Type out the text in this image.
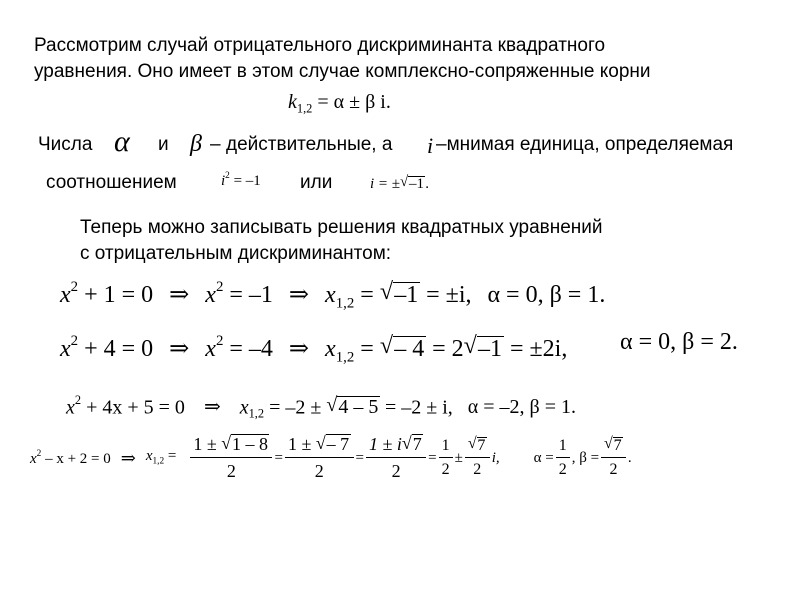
Рассмотрим случай отрицательного дискриминанта квадратного
уравнения. Оно имеет в этом случае комплексно-сопряженные корни
$k_{1,2} = \alpha \pm \beta$ i.
Числа α и β – действительные, а i –мнимая единица, определяемая
соотношением	$i^2 = -1$ или	i = ± √ –1.
Теперь можно записывать решения квадратных уравнений
с отрицательным дискриминантом:
$x^2 + 1 = 0$ ⇒ $x^2 = -1$ ⇒ $x_{1,2}$ = √ –1 = ±i, α = 0, β = 1.
$x^2 + 4 = 0$ ⇒ $x^2 = -4$ ⇒ $x_{1,2}$ = √ – 4 = 2 √ –1 = ±2i, α = 0, β = 2.
$x^2 + 4x + 5 = 0$ ⇒ $x_{1,2} = -2$ ± √ 4 – 5 = –2 ± i, α = –2, β = 1.
$x^2 - x + 2 = 0$ ⇒ $x_{1,2} = \frac{1 \pm √ 1 - 8}{2} = \frac{1 \pm √ - 7}{2} = \frac{1 \pm i √ 7}{2} = \frac{1}{2}$ ± √ $\frac{7}{2} i$, $\alpha = \frac{1}{2}$ , β = √ $\frac{7}{2}$ .
